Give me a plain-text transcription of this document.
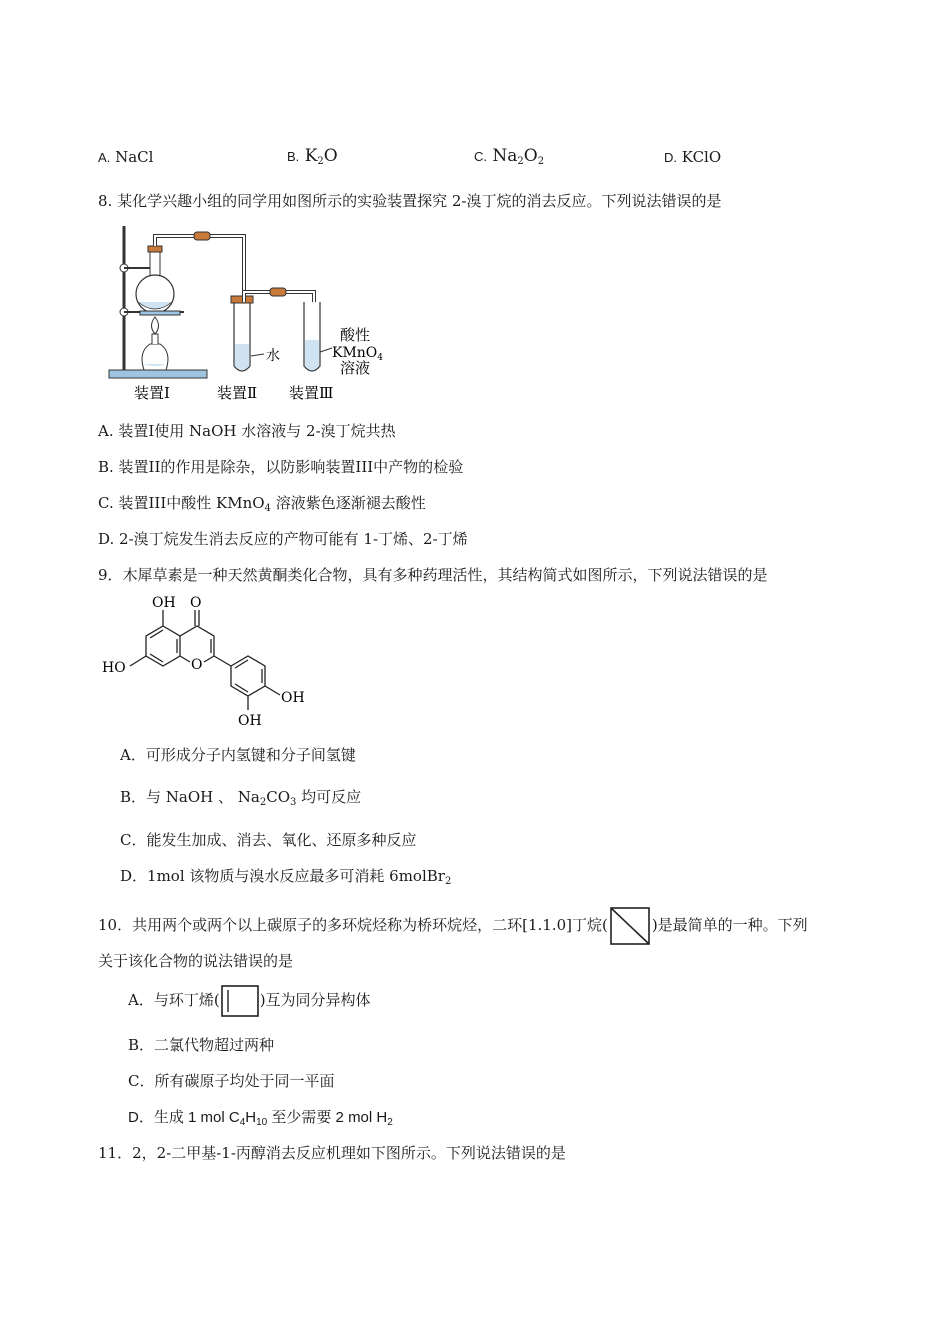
A. NaCl	B. $K_2O$	C. $Na_2O_2$	D. KClO
8. 某化学兴趣小组的同学用如图所示的实验装置探究 2-溴丁烷的消去反应。下列说法错误的是
水
酸性
KMnO$_4$
溶液
装置Ⅰ	装置Ⅱ 装置Ⅲ
A. 装置I使用 NaOH 水溶液与 2-溴丁烷共热
B. 装置II的作用是除杂，以防影响装置III中产物的检验
C. 装置III中酸性 KMnO$_4$ 溶液紫色逐渐褪去酸性
D. 2-溴丁烷发生消去反应的产物可能有 1-丁烯、2-丁烯
9．木犀草素是一种天然黄酮类化合物，具有多种药理活性，其结构简式如图所示，下列说法错误的是
OH O
HO	O
OH
OH
A．可形成分子内氢键和分子间氢键
B．与 NaOH 、 $Na_2CO_3$ 均可反应
C．能发生加成、消去、氧化、还原多种反应
D．1mol 该物质与溴水反应最多可消耗 6molBr$_2$
10．共用两个或两个以上碳原子的多环烷烃称为桥环烷烃，二环[1.1.0]丁烷(	)是最简单的一种。下列
关于该化合物的说法错误的是
A．与环丁烯(	)互为同分异构体
B．二氯代物超过两种
C．所有碳原子均处于同一平面
D．生成 1 mol $C_4H_{10}$ 至少需要 2 mol $H_2$
11．2，2-二甲基-1-丙醇消去反应机理如下图所示。下列说法错误的是
